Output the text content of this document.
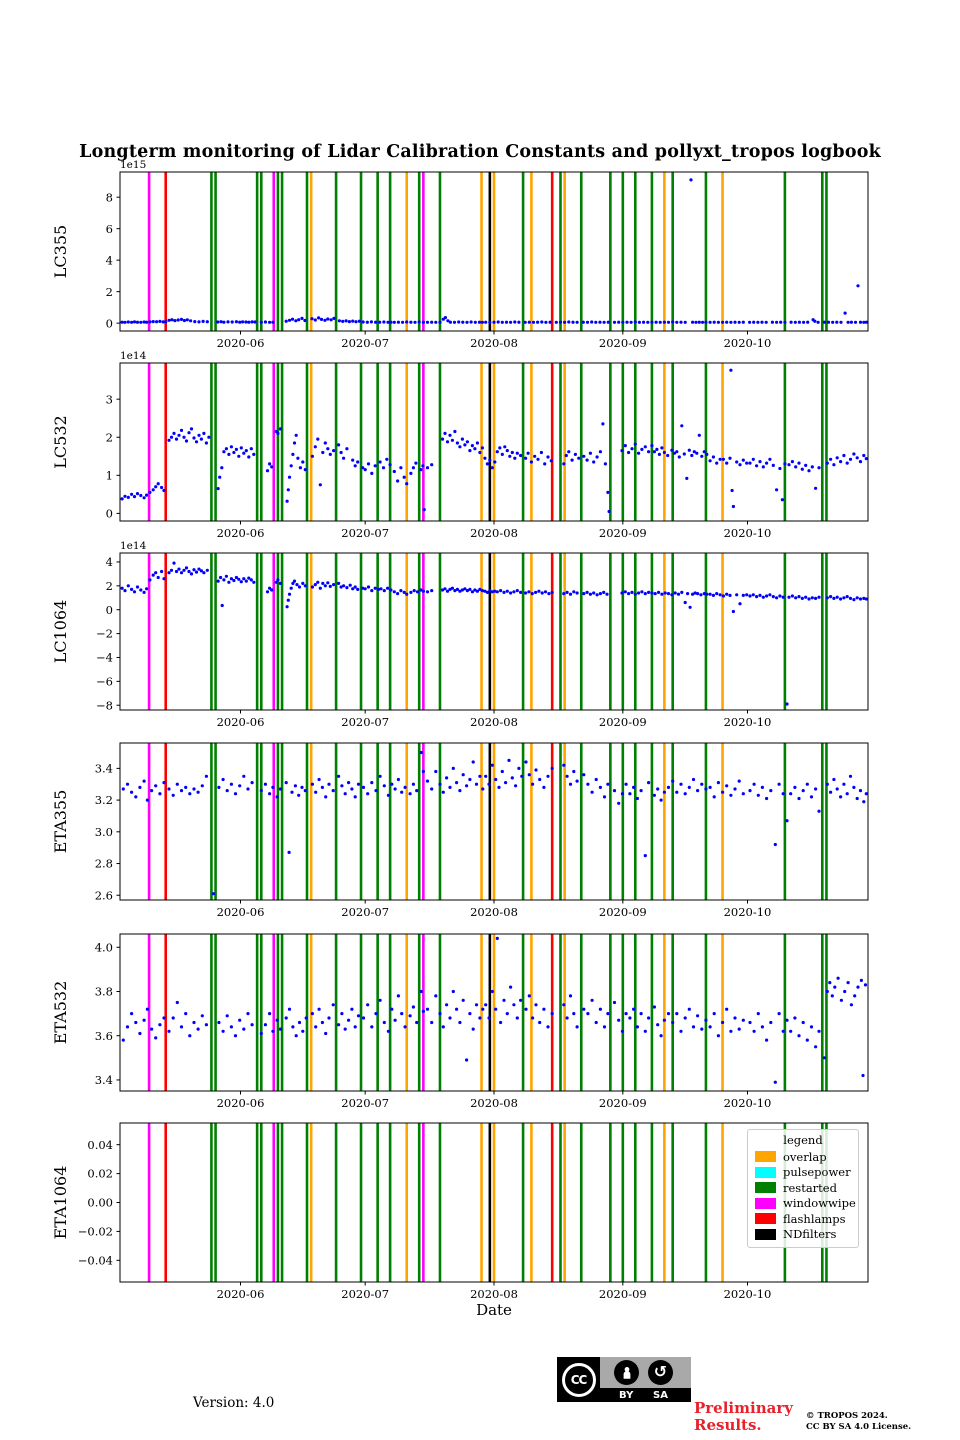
Longterm monitoring of Lidar Calibration Constants and pollyxt_tropos logbook
2020-06	2020-07	2020-08	2020-09	2020-10
0
2
4
6
8
1e15
LC355
2020-06	2020-07	2020-08	2020-09	2020-10
0
1
2
3
1e14
LC532
2020-06	2020-07	2020-08	2020-09	2020-10
4
2
0
−2
−4
−6
−8
1e14
LC1064
2020-06	2020-07	2020-08	2020-09	2020-10
2.6
2.8
3.0
3.2
3.4
ETA355
2020-06	2020-07	2020-08	2020-09	2020-10
3.4
3.6
3.8
4.0
ETA532
2020-06	2020-07	2020-08	2020-09	2020-10
0.04
0.02
0.00
−0.02
−0.04
ETA1064
Date
legend
overlap
pulsepower
restarted
windowwipe
flashlamps
NDfilters
Version: 4.0
CC	↺
BY SA
Preliminary Results.	© TROPOS 2024.
CC BY SA 4.0 License.
